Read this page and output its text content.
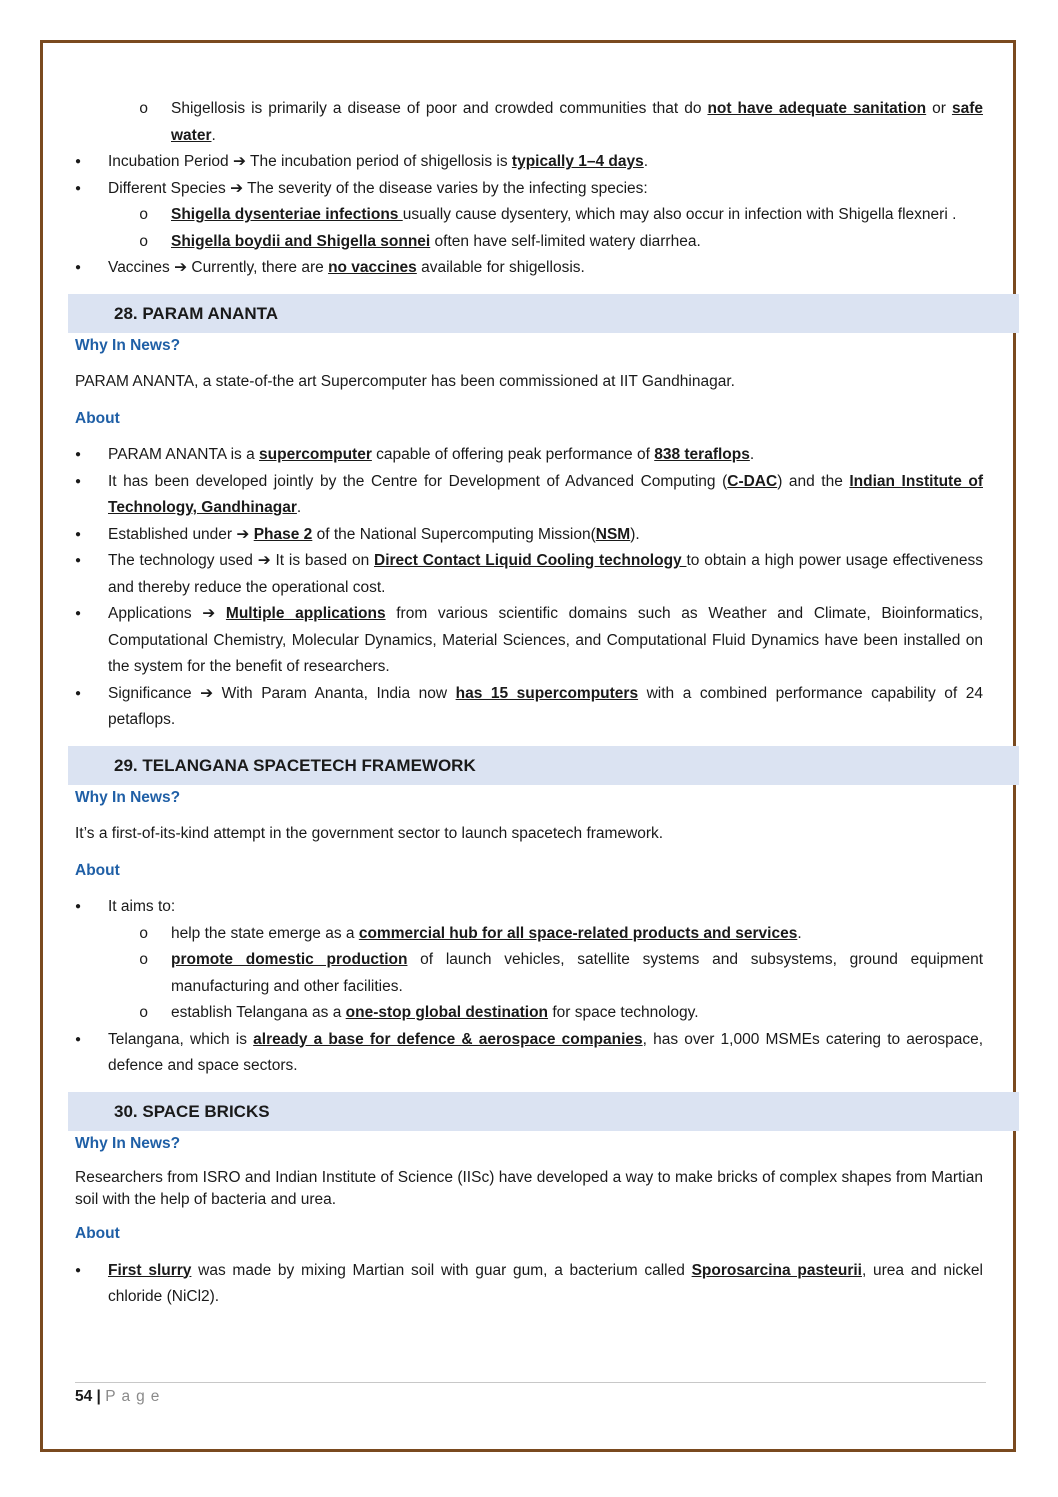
o Shigellosis is primarily a disease of poor and crowded communities that do not have adequate sanitation or safe water.
● Incubation Period ➔ The incubation period of shigellosis is typically 1–4 days.
● Different Species ➔ The severity of the disease varies by the infecting species:
o Shigella dysenteriae infections usually cause dysentery, which may also occur in infection with Shigella flexneri .
o Shigella boydii and Shigella sonnei often have self-limited watery diarrhea.
● Vaccines ➔ Currently, there are no vaccines available for shigellosis.
28. PARAM ANANTA
Why In News?

PARAM ANANTA, a state-of-the art Supercomputer has been commissioned at IIT Gandhinagar.

About
● PARAM ANANTA is a supercomputer capable of offering peak performance of 838 teraflops.
● It has been developed jointly by the Centre for Development of Advanced Computing (C-DAC) and the Indian Institute of Technology, Gandhinagar.
● Established under ➔ Phase 2 of the National Supercomputing Mission(NSM).
● The technology used ➔ It is based on Direct Contact Liquid Cooling technology to obtain a high power usage effectiveness and thereby reduce the operational cost.
● Applications ➔ Multiple applications from various scientific domains such as Weather and Climate, Bioinformatics, Computational Chemistry, Molecular Dynamics, Material Sciences, and Computational Fluid Dynamics have been installed on the system for the benefit of researchers.
● Significance ➔ With Param Ananta, India now has 15 supercomputers with a combined performance capability of 24 petaflops.
29. TELANGANA SPACETECH FRAMEWORK
Why In News?

It’s a first-of-its-kind attempt in the government sector to launch spacetech framework.

About
● It aims to:
o help the state emerge as a commercial hub for all space-related products and services.
o promote domestic production of launch vehicles, satellite systems and subsystems, ground equipment manufacturing and other facilities.
o establish Telangana as a one-stop global destination for space technology.
● Telangana, which is already a base for defence & aerospace companies, has over 1,000 MSMEs catering to aerospace, defence and space sectors.
30. SPACE BRICKS
Why In News?

Researchers from ISRO and Indian Institute of Science (IISc) have developed a way to make bricks of complex shapes from Martian soil with the help of bacteria and urea.

About
● First slurry was made by mixing Martian soil with guar gum, a bacterium called Sporosarcina pasteurii, urea and nickel chloride (NiCl2).
54 | Page
